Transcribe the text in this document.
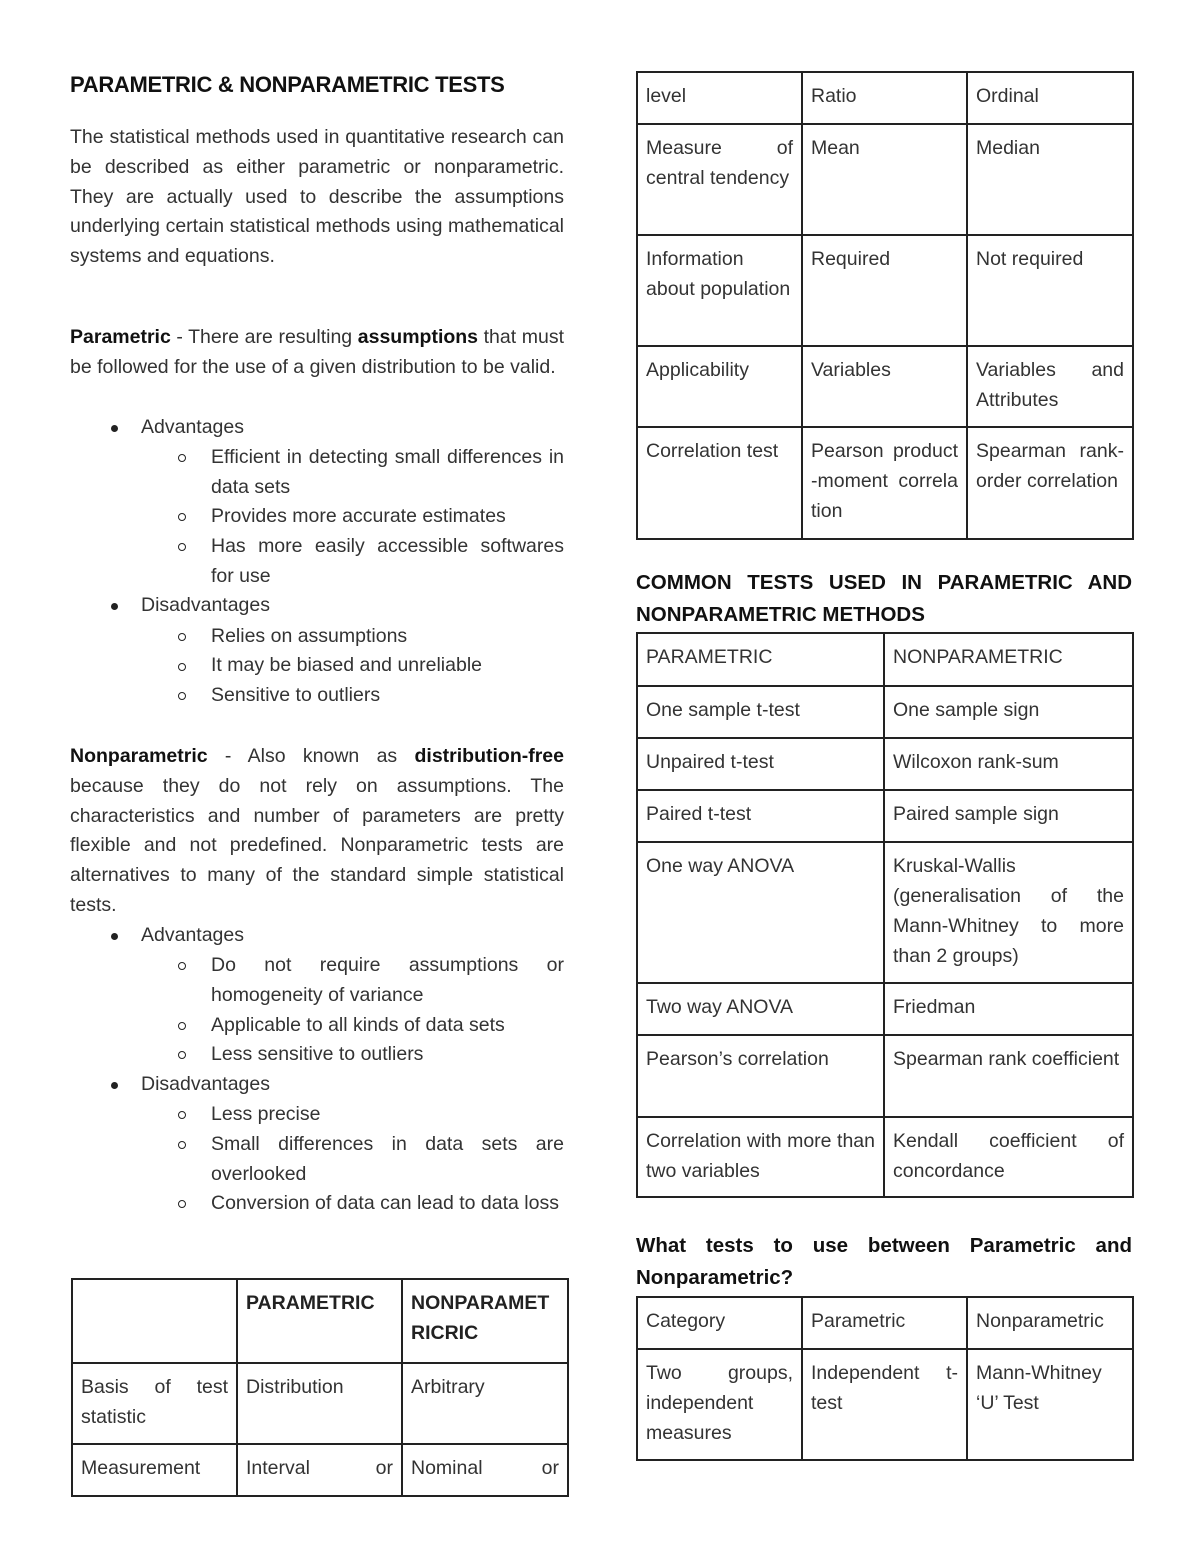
PARAMETRIC & NONPARAMETRIC TESTS

The statistical methods used in quantitative research can be described as either parametric or nonparametric. They are actually used to describe the assumptions underlying certain statistical methods using mathematical systems and equations.

Parametric - There are resulting assumptions that must be followed for the use of a given distribution to be valid.

Advantages
Efficient in detecting small differences in data sets
Provides more accurate estimates
Has more easily accessible softwares for use
Disadvantages
Relies on assumptions
It may be biased and unreliable
Sensitive to outliers

Nonparametric - Also known as distribution-free because they do not rely on assumptions. The characteristics and number of parameters are pretty flexible and not predefined. Nonparametric tests are alternatives to many of the standard simple statistical tests.

Advantages
Do not require assumptions or homogeneity of variance
Applicable to all kinds of data sets
Less sensitive to outliers
Disadvantages
Less precise
Small differences in data sets are overlooked
Conversion of data can lead to data loss
	PARAMETRIC	NONPARAMETRICRIC
Basis of test statistic	Distribution	Arbitrary
Measurement	Interval or	Nominal or
level	Ratio	Ordinal
Measure of central tendency	Mean	Median
Information about population	Required	Not required
Applicability	Variables	Variables and Attributes
Correlation test	Pearson product-moment correlation	Spearman rank-order correlation
COMMON TESTS USED IN PARAMETRIC AND NONPARAMETRIC METHODS
PARAMETRIC	NONPARAMETRIC
One sample t-test	One sample sign
Unpaired t-test	Wilcoxon rank-sum
Paired t-test	Paired sample sign
One way ANOVA	Kruskal-Wallis (generalisation of the Mann-Whitney to more than 2 groups)
Two way ANOVA	Friedman
Pearson’s correlation	Spearman rank coefficient
Correlation with more than two variables	Kendall coefficient of concordance
What tests to use between Parametric and Nonparametric?
Category	Parametric	Nonparametric
Two groups, independent measures	Independent t-test	Mann-Whitney ‘U’ Test
